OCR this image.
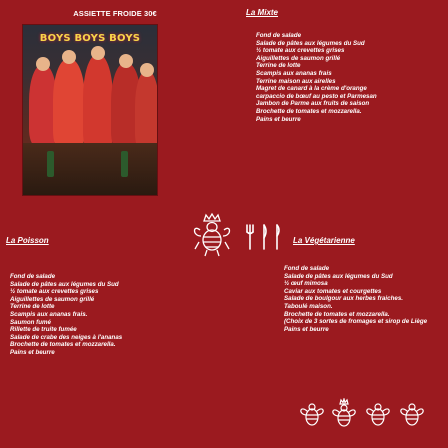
ASSIETTE FROIDE 30€
BOYS BOYS BOYS
La Mixte
Fond de salade
Salade de pâtes aux légumes du Sud
½ tomate aux crevettes grises
Aiguillettes de saumon grillé
Terrine de lotte
Scampis aux ananas frais
Terrine maison aux airelles
Magret de canard à la crème d'orange
carpaccio de bœuf au pesto et Parmesan
Jambon de Parme aux fruits de saison
Brochette de tomates et mozzarella.
Pains et beurre
La Poisson	La Végétarienne
Fond de salade
Salade de pâtes aux légumes du Sud
½ tomate aux crevettes grises
Aiguillettes de saumon grillé
Terrine de lotte
Scampis aux ananas frais.
Saumon fumé
Rillette de truite fumée
Salade de crabe des neiges à l'ananas
Brochette de tomates et mozzarella.
Pains et beurre
Fond de salade
Salade de pâtes aux légumes du Sud
½ œuf mimosa
Caviar aux tomates et courgettes
Salade de boulgour aux herbes fraiches.
Taboulé maison.
Brochette de tomates et mozzarella.
(Choix de 3 sortes de fromages et sirop de Liège
Pains et beurre
